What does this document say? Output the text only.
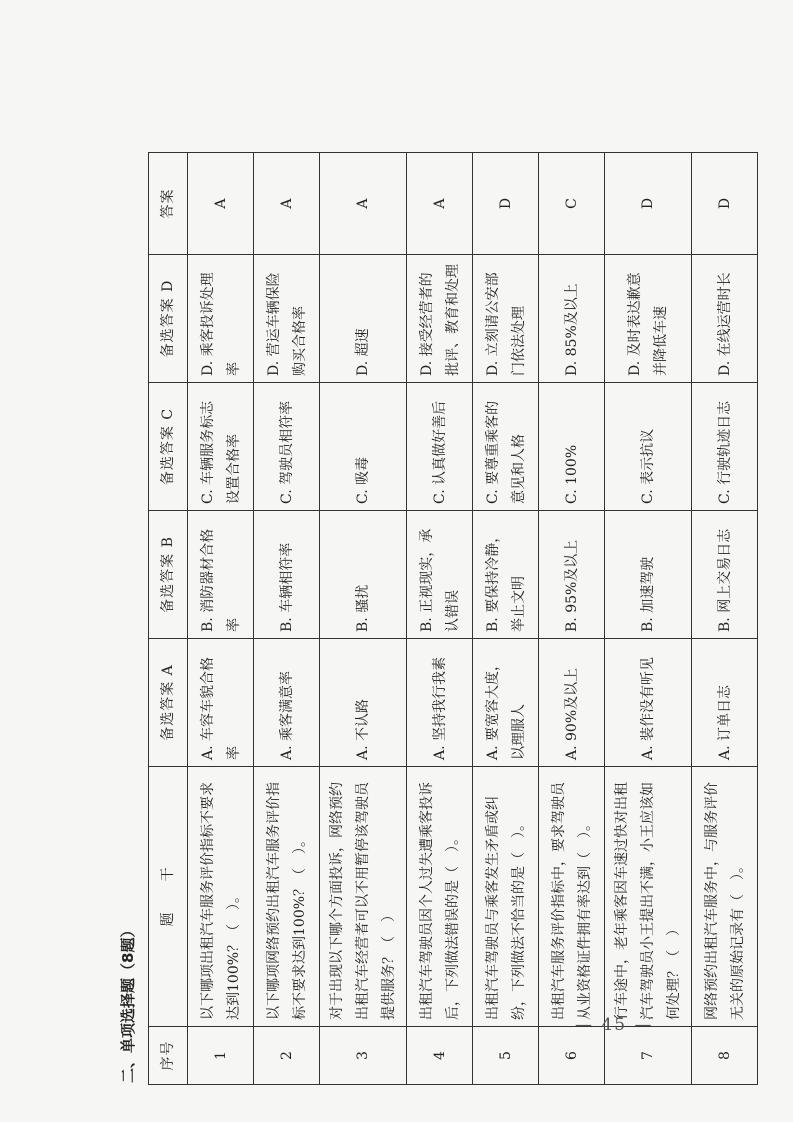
二、单项选择题（8题）	序号	题　　干	备选答案 A	备选答案 B	备选答案 C	备选答案 D	答案
1	以下哪项出租汽车服务评价指标不要求达到100%？（　）。	A. 车容车貌合格率	B. 消防器材合格率	C. 车辆服务标志设置合格率	D. 乘客投诉处理率	A
2	以下哪项网络预约出租汽车服务评价指标不要求达到100%？（　）。	A. 乘客满意率	B. 车辆相符率	C. 驾驶员相符率	D. 营运车辆保险购买合格率	A
3	对于出现以下哪个方面投诉，网络预约出租汽车经营者可以不用暂停该驾驶员提供服务？（　）	A. 不认路	B. 骚扰	C. 吸毒	D. 超速	A
4	出租汽车驾驶员因个人过失遭乘客投诉后，下列做法错误的是（　）。	A. 坚持我行我素	B. 正视现实，承认错误	C. 认真做好善后	D. 接受经营者的批评、教育和处理	A
5	出租汽车驾驶员与乘客发生矛盾或纠纷，下列做法不恰当的是（　）。	A. 要宽容大度，以理服人	B. 要保持冷静，举止文明	C. 要尊重乘客的意见和人格	D. 立刻请公安部门依法处理	D
6	出租汽车服务评价指标中，要求驾驶员从业资格证件拥有率达到（　）。	A. 90%及以上	B. 95%及以上	C. 100%	D. 85%及以上	C
7	行车途中，老年乘客因车速过快对出租汽车驾驶员小王提出不满，小王应该如何处理？（　）	A. 装作没有听见	B. 加速驾驶	C. 表示抗议	D. 及时表达歉意并降低车速	D
8	网络预约出租汽车服务中，与服务评价无关的原始记录有（　）。	A. 订单日志	B. 网上交易日志	C. 行驶轨迹日志	D. 在线运营时长	D
— 45 —
